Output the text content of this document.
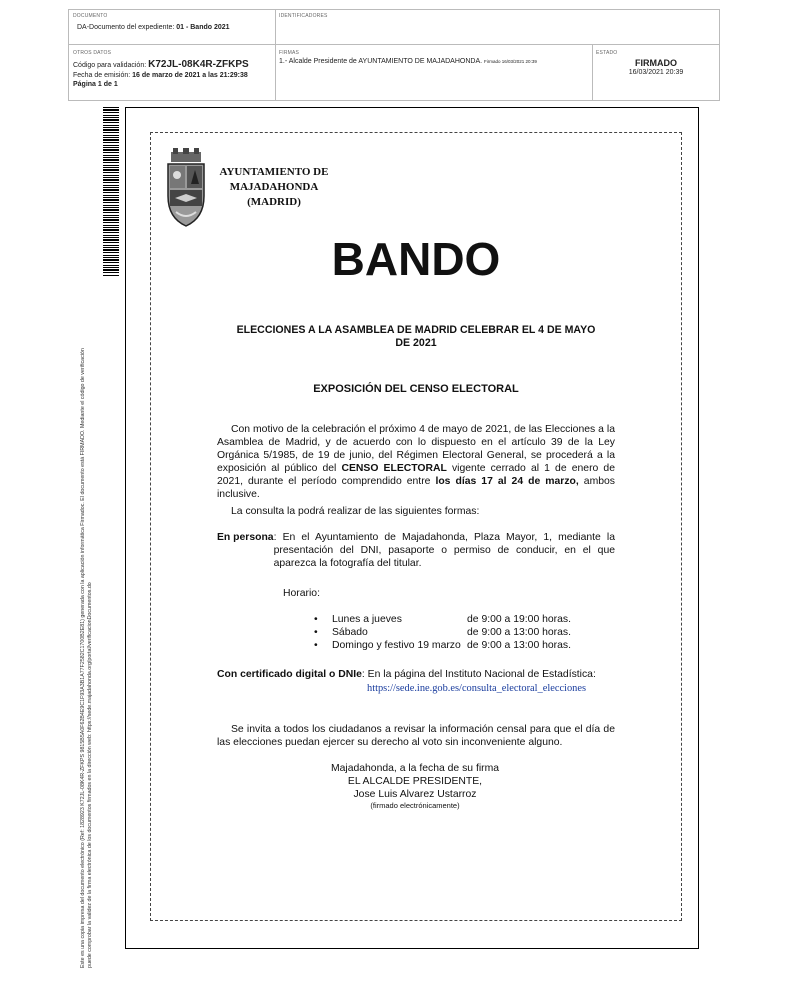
DOCUMENTO
DA-Documento del expediente: 01 - Bando 2021
IDENTIFICADORES
OTROS DATOS
Código para validación: K72JL-08K4R-ZFKPS
Fecha de emisión: 16 de marzo de 2021 a las 21:29:38
Página 1 de 1
FIRMAS
1.- Alcalde Presidente de AYUNTAMIENTO DE MAJADAHONDA. Firmado 16/03/2021 20:39
ESTADO
FIRMADO
16/03/2021 20:39
Este es una copia impresa del documento electrónico (Ref: 1828923 K72JL-08K4R-ZFKPS 9815B5A0F62B4E9C1F93A3B1A77F2582C1700B2E81) generada con la aplicación informática Firmadoc. El documento está FIRMADO. Mediante el código de verificación puede comprobar la validez de la firma electrónica de los documentos firmados en la dirección web: https://sede.majadahonda.org/portal/verificacionDocumentos.do
AYUNTAMIENTO DE
MAJADAHONDA
(MADRID)
BANDO
ELECCIONES A LA ASAMBLEA DE MADRID CELEBRAR EL 4 DE MAYO
DE 2021
EXPOSICIÓN DEL CENSO ELECTORAL
Con motivo de la celebración el próximo 4 de mayo de 2021, de las Elecciones a la Asamblea de Madrid, y de acuerdo con lo dispuesto en el artículo 39 de la Ley Orgánica 5/1985, de 19 de junio, del Régimen Electoral General, se procederá a la exposición al público del CENSO ELECTORAL vigente cerrado al 1 de enero de 2021, durante el período comprendido entre los días 17 al 24 de marzo, ambos inclusive.
La consulta la podrá realizar de las siguientes formas:
En persona : En el Ayuntamiento de Majadahonda, Plaza Mayor, 1, mediante la presentación del DNI, pasaporte o permiso de conducir, en el que aparezca la fotografía del titular.
Horario:
•	Lunes a jueves	de 9:00 a 19:00 horas.
•	Sábado	de 9:00 a 13:00 horas.
•	Domingo y festivo 19 marzo de 9:00 a 13:00 horas.
Con certificado digital o DNIe: En la página del Instituto Nacional de Estadística:
https://sede.ine.gob.es/consulta_electoral_elecciones
Se invita a todos los ciudadanos a revisar la información censal para que el día de las elecciones puedan ejercer su derecho al voto sin inconveniente alguno.
Majadahonda, a la fecha de su firma
EL ALCALDE PRESIDENTE,
Jose Luis Alvarez Ustarroz
(firmado electrónicamente)
